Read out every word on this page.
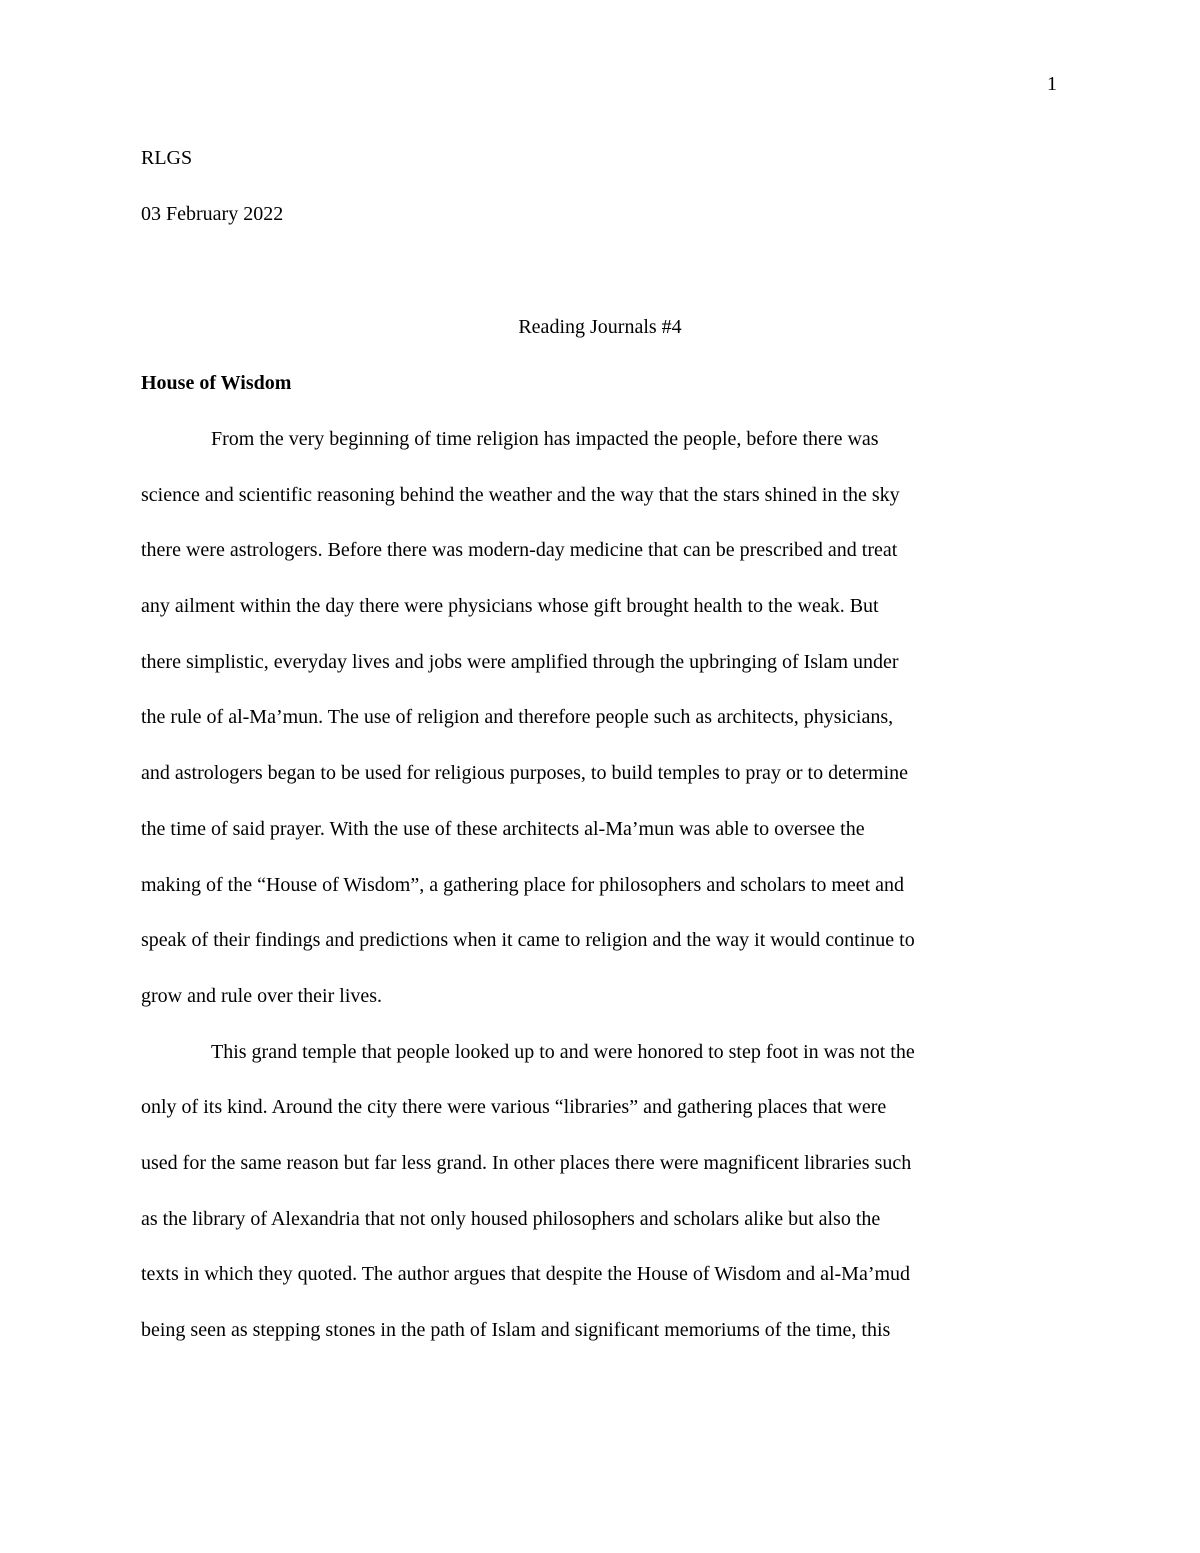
1
RLGS
03 February 2022
Reading Journals #4
House of Wisdom
From the very beginning of time religion has impacted the people, before there was
science and scientific reasoning behind the weather and the way that the stars shined in the sky
there were astrologers. Before there was modern-day medicine that can be prescribed and treat
any ailment within the day there were physicians whose gift brought health to the weak. But
there simplistic, everyday lives and jobs were amplified through the upbringing of Islam under
the rule of al-Ma’mun. The use of religion and therefore people such as architects, physicians,
and astrologers began to be used for religious purposes, to build temples to pray or to determine
the time of said prayer. With the use of these architects al-Ma’mun was able to oversee the
making of the “House of Wisdom”, a gathering place for philosophers and scholars to meet and
speak of their findings and predictions when it came to religion and the way it would continue to
grow and rule over their lives.
This grand temple that people looked up to and were honored to step foot in was not the
only of its kind. Around the city there were various “libraries” and gathering places that were
used for the same reason but far less grand. In other places there were magnificent libraries such
as the library of Alexandria that not only housed philosophers and scholars alike but also the
texts in which they quoted. The author argues that despite the House of Wisdom and al-Ma’mud
being seen as stepping stones in the path of Islam and significant memoriums of the time, this
